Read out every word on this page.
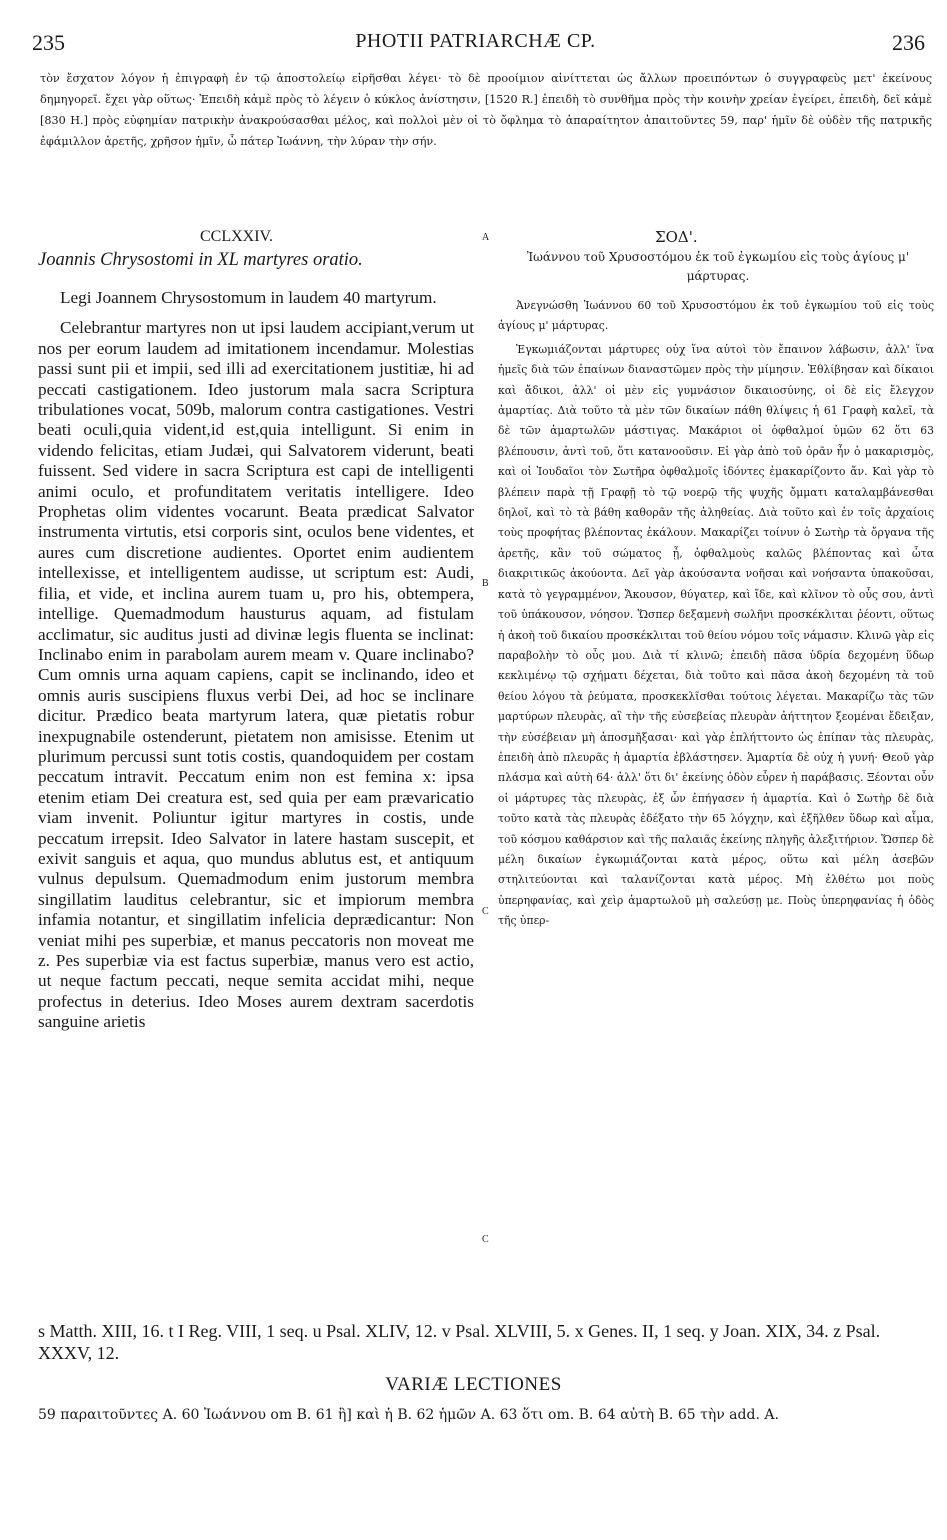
235	PHOTII PATRIARCHÆ CP.	236

τὸν ἔσχατον λόγον ἡ ἐπιγραφὴ ἐν τῷ ἀποστολείῳ εἰρῆσθαι λέγει· τὸ δὲ προοίμιον αἰνίττεται ὡς ἄλλων προειπόντων ὁ συγγραφεὺς μετ' ἐκείνους δημηγορεῖ. ἔχει γὰρ οὕτως· Ἐπειδὴ κἀμὲ πρὸς τὸ λέγειν ὁ κύκλος ἀνίστησιν, [1520 R.] ἐπειδὴ τὸ συνθῆμα πρὸς τὴν κοινὴν χρείαν ἐγείρει, ἐπειδὴ, δεῖ κἀμὲ [830 H.] πρὸς εὐφημίαν πατρικὴν ἀνακρούσασθαι μέλος, καὶ πολλοὶ μὲν οἱ τὸ ὄφλημα τὸ ἀπαραίτητον ἀπαιτοῦντες 59, παρ' ἡμῖν δὲ οὐδὲν τῆς πατρικῆς ἐφάμιλλον ἀρετῆς, χρῆσον ἡμῖν, ὦ πάτερ Ἰωάννη, τὴν λύραν τὴν σήν.

CCLXXIV.	A	ΣΟΔ'.

Joannis Chrysostomi in XL martyres oratio.	Ἰωάννου τοῦ Χρυσοστόμου ἐκ τοῦ ἐγκωμίου εἰς τοὺς ἁγίους μ' μάρτυρας.

Legi Joannem Chrysostomum in laudem 40 martyrum.

Celebrantur martyres non ut ipsi laudem accipiant,verum ut nos per eorum laudem ad imitationem incendamur. Molestias passi sunt pii et impii, sed illi ad exercitationem justitiæ, hi ad peccati castigationem. Ideo justorum mala sacra Scriptura tribulationes vocat, 509b, malorum contra castigationes. Vestri beati oculi,quia vident,id est,quia intelligunt. Si enim in videndo felicitas, etiam Judæi, qui Salvatorem viderunt, beati fuissent. Sed videre in sacra Scriptura est capi de intelligenti animi oculo, et profunditatem veritatis intelligere. Ideo Prophetas olim videntes vocarunt. Beata prædicat Salvator instrumenta virtutis, etsi corporis sint, oculos bene videntes, et aures cum discretione audientes. Oportet enim audientem intellexisse, et intelligentem audisse, ut scriptum est: Audi, filia, et vide, et inclina aurem tuam u, pro his, obtempera, intellige. Quemadmodum hausturus aquam, ad fistulam acclimatur, sic auditus justi ad divinæ legis fluenta se inclinat: Inclinabo enim in parabolam aurem meam v. Quare inclinabo? Cum omnis urna aquam capiens, capit se inclinando, ideo et omnis auris suscipiens fluxus verbi Dei, ad hoc se inclinare dicitur. Prædico beata martyrum latera, quæ pietatis robur inexpugnabile ostenderunt, pietatem non amisisse. Etenim ut plurimum percussi sunt totis costis, quandoquidem per costam peccatum intravit. Peccatum enim non est femina x: ipsa etenim etiam Dei creatura est, sed quia per eam prævaricatio viam invenit. Poliuntur igitur martyres in costis, unde peccatum irrepsit. Ideo Salvator in latere hastam suscepit, et exivit sanguis et aqua, quo mundus ablutus est, et antiquum vulnus depulsum. Quemadmodum enim justorum membra singillatim lauditus celebrantur, sic et impiorum membra infamia notantur, et singillatim infelicia deprædicantur: Non veniat mihi pes superbiæ, et manus peccatoris non moveat me z. Pes superbiæ via est factus superbiæ, manus vero est actio, ut neque factum peccati, neque semita accidat mihi, neque profectus in deterius. Ideo Moses aurem dextram sacerdotis sanguine arietis

B
C
C

Ἀνεγνώσθη Ἰωάννου 60 τοῦ Χρυσοστόμου ἐκ τοῦ ἐγκωμίου τοῦ εἰς τοὺς ἁγίους μ' μάρτυρας.

Ἐγκωμιάζονται μάρτυρες οὐχ ἵνα αὐτοὶ τὸν ἔπαινον λάβωσιν, ἀλλ' ἵνα ἡμεῖς διὰ τῶν ἐπαίνων διαναστῶμεν πρὸς τὴν μίμησιν. Ἐθλίβησαν καὶ δίκαιοι καὶ ἄδικοι, ἀλλ' οἱ μὲν εἰς γυμνάσιον δικαιοσύνης, οἱ δὲ εἰς ἔλεγχον ἁμαρτίας. Διὰ τοῦτο τὰ μὲν τῶν δικαίων πάθη θλίψεις ἡ 61 Γραφὴ καλεῖ, τὰ δὲ τῶν ἁμαρτωλῶν μάστιγας. Μακάριοι οἱ ὀφθαλμοί ὑμῶν 62 ὅτι 63 βλέπουσιν, ἀντὶ τοῦ, ὅτι κατανοοῦσιν. Εἰ γὰρ ἀπὸ τοῦ ὁρᾶν ἦν ὁ μακαρισμὸς, καὶ οἱ Ἰουδαῖοι τὸν Σωτῆρα ὀφθαλμοῖς ἰδόντες ἐμακαρίζοντο ἄν. Καὶ γὰρ τὸ βλέπειν παρὰ τῇ Γραφῇ τὸ τῷ νοερῷ τῆς ψυχῆς ὄμματι καταλαμβάνεσθαι δηλοῖ, καὶ τὸ τὰ βάθη καθορᾶν τῆς ἀληθείας. Διὰ τοῦτο καὶ ἐν τοῖς ἀρχαίοις τοὺς προφήτας βλέποντας ἐκάλουν. Μακαρίζει τοίνυν ὁ Σωτὴρ τὰ ὄργανα τῆς ἀρετῆς, κἂν τοῦ σώματος ᾖ, ὀφθαλμοὺς καλῶς βλέποντας καὶ ὦτα διακριτικῶς ἀκούοντα. Δεῖ γὰρ ἀκούσαντα νοῆσαι καὶ νοήσαντα ὑπακοῦσαι, κατὰ τὸ γεγραμμένον, Ἄκουσον, θύγατερ, καὶ ἴδε, καὶ κλῖνον τὸ οὖς σου, ἀντὶ τοῦ ὑπάκουσον, νόησον. Ὥσπερ δεξαμενὴ σωλῆνι προσκέκλιται ῥέοντι, οὕτως ἡ ἀκοὴ τοῦ δικαίου προσκέκλιται τοῦ θείου νόμου τοῖς νάμασιν. Κλινῶ γὰρ εἰς παραβολὴν τὸ οὖς μου. Διὰ τί κλινῶ; ἐπειδὴ πᾶσα ὑδρία δεχομένη ὕδωρ κεκλιμένῳ τῷ σχήματι δέχεται, διὰ τοῦτο καὶ πᾶσα ἀκοὴ δεχομένη τὰ τοῦ θείου λόγου τὰ ῥεύματα, προσκεκλῖσθαι τούτοις λέγεται. Μακαρίζω τὰς τῶν μαρτύρων πλευρὰς, αἳ τὴν τῆς εὐσεβείας πλευρὰν ἀήττητον ξεομέναι ἔδειξαν, τὴν εὐσέβειαν μὴ ἀποσμῆξασαι· καὶ γὰρ ἐπλήττοντο ὡς ἐπίπαν τὰς πλευρὰς, ἐπειδὴ ἀπὸ πλευρᾶς ἡ ἁμαρτία ἐβλάστησεν. Ἁμαρτία δὲ οὐχ ἡ γυνή· Θεοῦ γὰρ πλάσμα καὶ αὐτὴ 64· ἀλλ' ὅτι δι' ἐκείνης ὁδὸν εὗρεν ἡ παράβασις. Ξέονται οὖν οἱ μάρτυρες τὰς πλευρὰς, ἐξ ὧν ἐπήγασεν ἡ ἁμαρτία. Καὶ ὁ Σωτὴρ δὲ διὰ τοῦτο κατὰ τὰς πλευρὰς ἐδέξατο τὴν 65 λόγχην, καὶ ἐξῆλθεν ὕδωρ καὶ αἷμα, τοῦ κόσμου καθάρσιον καὶ τῆς παλαιᾶς ἐκείνης πληγῆς ἀλεξιτήριον. Ὥσπερ δὲ μέλη δικαίων ἐγκωμιάζονται κατὰ μέρος, οὕτω καὶ μέλη ἀσεβῶν στηλιτεύονται καὶ ταλανίζονται κατὰ μέρος. Μὴ ἐλθέτω μοι ποὺς ὑπερηφανίας, καὶ χεὶρ ἁμαρτωλοῦ μὴ σαλεύσῃ με. Ποὺς ὑπερηφανίας ἡ ὁδὸς τῆς ὑπερ-

s Matth. XIII, 16. t I Reg. VIII, 1 seq. u Psal. XLIV, 12. v Psal. XLVIII, 5. x Genes. II, 1 seq. y Joan. XIX, 34. z Psal. XXXV, 12.

VARIÆ LECTIONES

59 παραιτοῦντες A. 60 Ἰωάννου om B. 61 ἢ] καὶ ἡ B. 62 ἡμῶν A. 63 ὅτι om. B. 64 αὐτὴ B. 65 τὴν add. A.
